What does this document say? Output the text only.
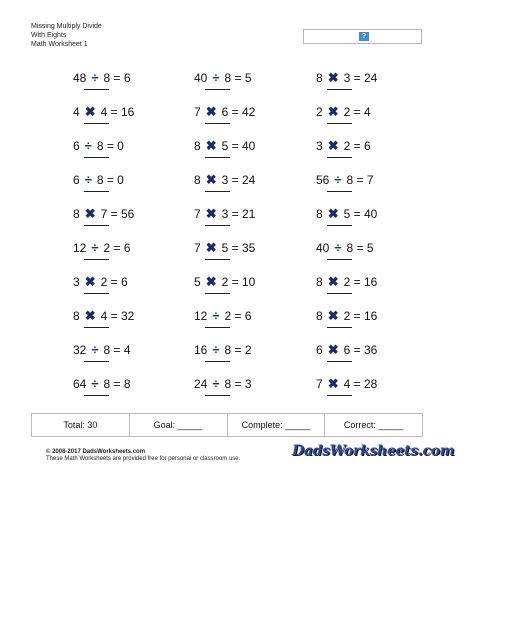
Missing Multiply Divide
With Eights
Math Worksheet 1
?
48 ÷ 8 = 6	40 ÷ 8 = 5	8 ✖ 3 = 24
4 ✖ 4 = 16	7 ✖ 6 = 42	2 ✖ 2 = 4
6 ÷ 8 = 0	8 ✖ 5 = 40	3 ✖ 2 = 6
6 ÷ 8 = 0	8 ✖ 3 = 24	56 ÷ 8 = 7
8 ✖ 7 = 56	7 ✖ 3 = 21	8 ✖ 5 = 40
12 ÷ 2 = 6	7 ✖ 5 = 35	40 ÷ 8 = 5
3 ✖ 2 = 6	5 ✖ 2 = 10	8 ✖ 2 = 16
8 ✖ 4 = 32	12 ÷ 2 = 6	8 ✖ 2 = 16
32 ÷ 8 = 4	16 ÷ 8 = 2	6 ✖ 6 = 36
64 ÷ 8 = 8	24 ÷ 8 = 3	7 ✖ 4 = 28
Total: 30	Goal: _____	Complete: _____	Correct: _____
© 2008-2017 DadsWorksheets.com
These Math Worksheets are provided free for personal or classroom use.	DadsWorksheets.com
